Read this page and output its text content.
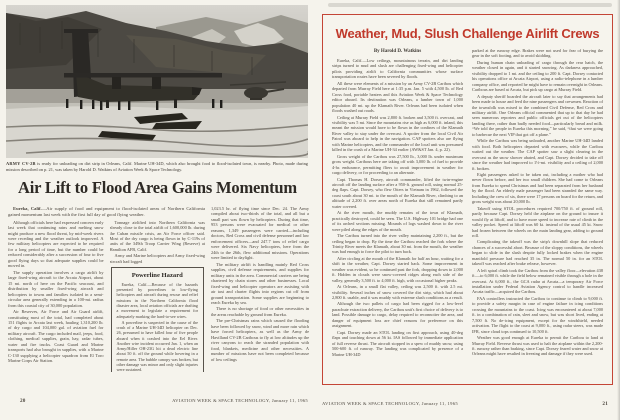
ARMY CV-2B is ready for unloading on dirt strip in Orleans, Calif. Marine UH-34D, which also brought food to flood-isolated town, is nearby. Photo, made during mission described on p. 21, was taken by Harold D. Watkins of Aviation Week & Space Technology.
Air Lift to Flood Area Gains Momentum

Eureka, Calif.—Air supply of food and equipment to flood-isolated areas of Northern California gained momentum last week with the first full day of good flying weather.

Although officials here had expressed concern early last week that continuing rains and melting snow might produce a new flood threat, by mid-week rivers were receding and the weather outlook improved. A few military helicopters are expected to be required for a long period of time, but the number could be reduced considerably after a succession of four to five good flying days so that adequate supplies could be moved in.

The supply operation involves a cargo airlift by large fixed-wing aircraft to the Arcata Airport, about 15 mi. north of here on the Pacific seacoast, and distribution by smaller fixed-wing aircraft and helicopters to towns and families isolated in a semi-circular area generally extending in a 100-mi. radius from this coastal city of 30,000 population.

Air Reserves, Air Force and Air Guard airlift, constituting most of the total, had completed about 151 flights to Arcata last week, hauling 1,310,200 lb. of dry cargo and 104,000 gal. of aviation fuel for military aircraft. The cargo included mail, jeeps, food, clothing, medical supplies, grain, hay, radar tubes, water and fire trucks. Coast Guard and Marine transports had also brought in supplies, with a Marine C-130 supplying a helicopter squadron from El Toro Marine Corps Air Station.

Tonnage airlifted into Northern California was already close to the total airlift of 1,600,000 lb. during the Cuban missile crisis, an Air Force officer said. Most of the dry cargo is being flown in by C-119s of units of the 349th Troop Carrier Wing (Reserve) at Hamilton AFB, Calif.

Army and Marine helicopters and Army fixed-wing aircraft had logged

Powerline Hazard

Eureka, Calif.—Because of the hazards presented by powerlines to low-flying helicopters and aircraft during rescue and relief missions in the Northern California flood disaster area, local aviation officials are drafting a movement to legislate a requirement for adequately marking the hard-to-see wires.

A powerline is suspected in the cause of the crash of a Marine UH-34D helicopter on Dec. 26, presumed to have killed four of five people aboard when it crashed into the Eel River. Another wire incident occurred Jan. 1, when an Army/Hiller OH-23G hit a dead electric line about 50 ft. off the ground while hovering in a remote area. The bubble canopy was broken, but other damage was minor and only slight injuries were sustained.

1,023.5 hr. of flying time since Dec. 24. The Army compiled about two-thirds of the total, and all but a small part was flown by helicopters. During that time, 953 persons were evacuated for medical or other reasons, 1,349 passengers were carried—including doctors, Red Cross and civil defense personnel and law enforcement officers—and 247.7 tons of relief cargo were delivered. Six Navy helicopters, here from the 24th to the 26th, flew additional missions. Operations were limited to daylight.

The military airlift is handling mainly Red Cross supplies, civil defense requirements, and supplies for military units in the area. Commercial carriers are being chartered by chain stores and other businesses. Local fixed-wing and helicopter operators are assisting with air taxi and charter flights into regions cut off from ground transportation. Some supplies are beginning to reach Eureka by sea.

There is no shortage of food or other necessities in the areas reachable by ground from Eureka.

The pre-Christmas rains which caused the flooding have been followed by snow, wind and more rain which have forced helicopters, as well as the Army de Havilland CV-2B Caribous to fly at low altitudes up the river canyons to reach the stranded population with food, blankets, medicine and other necessities. A number of missions have not been completed because of low ceilings

AVIATION WEEK & SPACE TECHNOLOGY, January 11, 1965
20
Weather, Mud, Slush Challenge Airlift Crews
By Harold D. Watkins

Eureka, Calif.—Low ceilings, mountainous terrain, and dirt landing strips turned to mud and slush are challenging fixed-wing and helicopter pilots providing airlift to California communities whose surface transportation routes have been severed by floods.

All these were elements of a mission by an Army CV-2B Caribou which departed from Murray Field here at 1:35 p.m. Jan. 5 with 4,500 lb. of Red Cross food, portable heaters and this Aviation Week & Space Technology editor aboard. Its destination was Orleans, a lumber town of 1,000 population 40 mi. up the Klamath River. Orleans had been isolated when floods washed out roads.

Ceiling at Murray Field was 2,800 ft. broken and 3,500 ft. overcast, and visibility was 5 mi. Since the mountains rise as high as 6,000 ft. inland, this meant the mission would have to be flown in the confines of the Klamath River valley to stay under the overcast. A spotter from the local Civil Air Patrol was aboard to help in the navigation. CAP spotters also are flying with Marine helicopters, and the commander of the local unit was presumed killed in the crash of a Marine UH-34 earlier (AW&ST Jan. 4, p. 22).

Gross weight of the Caribou was 27,500 lb., 3,000 lb. under maximum gross weight. Caribous here are taking off with 3,000 lb. of fuel to provide 4-hr. endurance, permitting fliers to await improvement in weather for cargo delivery, or for proceeding to an alternate.

Capt. Thomas H. Dorsey, aircraft commander, lifted the twin-engine aircraft off the landing surface after a 950-ft. ground roll, using normal 25-deg flaps. Capt. Dorsey, who flew Otters in Vietnam in 1962, followed the coast south about 30 mi. to the mouth of the Klamath River, climbing to an altitude of 2,200 ft. over areas north of Eureka that still remained partly water covered.

At the river mouth, the muddy remains of the town of Klamath, practically destroyed, could be seen. The U.S. Highway 101 bridge had one of its arched sections missing. Mounds of logs washed down to the river were piled along the edges of the mouth.

The Caribou turned into the river valley maintaining 2,200 ft., but the ceiling began to drop. By the time the Caribou reached the fork where the Trinity River meets the Klamath, about 30 mi. from the mouth, the weather was bad enough to force the pilot to turn back.

After circling at the mouth of the Klamath for half an hour, waiting for a shift in the weather, Capt. Dorsey started back. Some improvement in weather was evident, so he continued past the fork, dropping down to 2,000 ft. Hidden in clouds were snow-covered ridges along each side of the valley, generally 3,500 ft. to 4,000 ft. high, with occasional higher peaks.

At Orleans, in a small flat valley, ceiling was 2,500 ft. with 2.5 mi. visibility. Several inches of snow covered the dirt strip, which had about 2,800 ft. usable, and it was muddy with extreme slush conditions as a result.

Although the two pallets of cargo had been rigged for a low-level parachute extraction delivery, the Caribou unit's first choice of delivery is to land. Possible damage to cargo, delay required to reconnoiter the area, and danger of equipment loss are chief reasons for preference on this assignment.

Capt. Dorsey made an STOL landing on first approach, using 40-deg flaps and touching down at 56 kt. IAS followed by immediate application of full reverse thrust. The aircraft stopped in a spew of muddy snow, using 500-600 ft. of runway. The landing was complicated by presence of a Marine UH-34D

parked at the runway edge. Brakes were not used for fear of burying the gear in the soft footing, and to avoid skidding.

During human chain unloading of cargo through the rear hatch, the weather closed in again, and it started snowing. As darkness approached, visibility dropped to 1 mi. and the ceiling to 200 ft. Capt. Dorsey contacted his operations office at Arcata Airport, using a radio-telephone in a lumber company office, and reported he might have to remain overnight in Orleans. Caribous are based at Arcata, but pick up cargo at Murray Field.

A deputy sheriff boarded the aircraft later to say that arrangements had been made to house and feed the nine passengers and crewmen. Reaction of the townsfolk was mixed to the combined Civil Defense, Red Cross and military airlift. One Orleans official commented that up to that day he had seen numerous reporters and public officials get out of the helicopters landing there, rather than badly needed food—particularly bread and milk. “We told the people in Eureka this morning,” he said, “that we were going to barbecue the next VIP that got off a plane.”

While the Caribou was being unloaded, another Marine UH-34D landed with food. Both helicopters departed with evacuees, while the Caribou waited out the weather. The CAP spotter saw a slight clearing in the overcast as the snow shower abated, and Capt. Dorsey decided to take off since the weather had improved to 1½-mi. visibility and a ceiling of 2,000 ft. broken.

Eight passengers asked to be taken out, including a mother who had never flown before, and her two small children. She had come to Orleans from Eureka to spend Christmas and had been separated from her husband by the flood. An elderly male passenger had been stranded the same way. Including the crew of six, there were 17 persons on board for the return, and gross weight was about 20,000 lb.

Takeoff using STOL procedures required 700/750 ft. of ground roll, partly because Capt. Dorsey held the airplane on the ground to insure it would fly at liftoff, and to have more speed to increase rate of climb in the valley pocket. Speed at liftoff was 60 kt. instead of the usual 45 kt. Snow had frozen between the wheels on the main landing gear, adding to ground roll.

Complicating the takeoff was the strip's downhill slope that reduced chances of a successful abort. Because of the sloppy conditions, the wheels began to slide in the slush despite fully locked brakes when the engine manifold pressure had reached 35 in. The normal 50 in. for an STOL takeoff was reached after brake release, however.

A left spiral climb took the Caribou from the valley floor—elevation 438 ft.—to 6,000 ft. while the field below remained visible through a hole in the overcast. At 6,000 ft., the GCA radar at Arcata—a temporary Air Force installation under Federal Aviation Agency control to handle increased Arcata traffic—acquired the Caribou.

FAA controllers instructed the Caribou to continue to climb to 9,000 ft. to provide a safety margin in case of engine failure in icing conditions crossing the mountains to the coast. Icing was encountered at about 7,000 ft. in a combination of rain, sleet and snow, but was short lived, ending at 7,500 ft. No de-icing equipment, except for the windshield, needed activation. The flight to the coast at 9,000 ft., using radar steers, was made IFR, since cloud tops continued to 10,500 ft.

Weather was good enough at Eureka to permit the Caribou to land at Murray Field. Reverse thrust was used to halt the airplane within the 2,200-ft. runway rather than braking, since Capt. Dorsey feared water and snow at Orleans might have resulted in freezing and damage if they were used.

AVIATION WEEK & SPACE TECHNOLOGY, January 11, 1965	21
